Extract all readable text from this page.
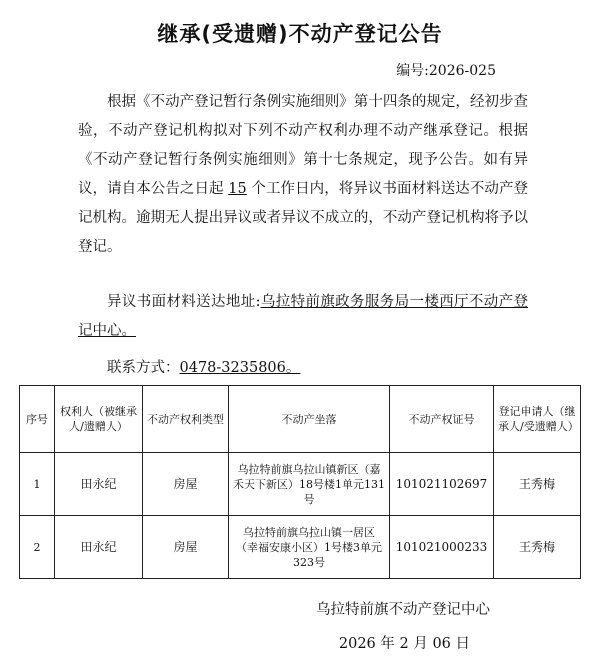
继承(受遗赠)不动产登记公告
编号:2026-025

根据《不动产登记暂行条例实施细则》第十四条的规定，经初步查验，不动产登记机构拟对下列不动产权利办理不动产继承登记。根据《不动产登记暂行条例实施细则》第十七条规定，现予公告。如有异议，请自本公告之日起 15 个工作日内，将异议书面材料送达不动产登记机构。逾期无人提出异议或者异议不成立的，不动产登记机构将予以登记。

异议书面材料送达地址:乌拉特前旗政务服务局一楼西厅不动产登记中心。

联系方式：0478-3235806。

序号	权利人（被继承人/遗赠人）	不动产权利类型	不动产坐落	不动产权证号	登记申请人（继承人/受遗赠人）
1	田永纪	房屋	乌拉特前旗乌拉山镇新区（嘉禾天下新区）18号楼1单元131号	101021102697	王秀梅
2	田永纪	房屋	乌拉特前旗乌拉山镇一居区（幸福安康小区）1号楼3单元323号	101021000233	王秀梅
乌拉特前旗不动产登记中心
2026 年 2 月 06 日
